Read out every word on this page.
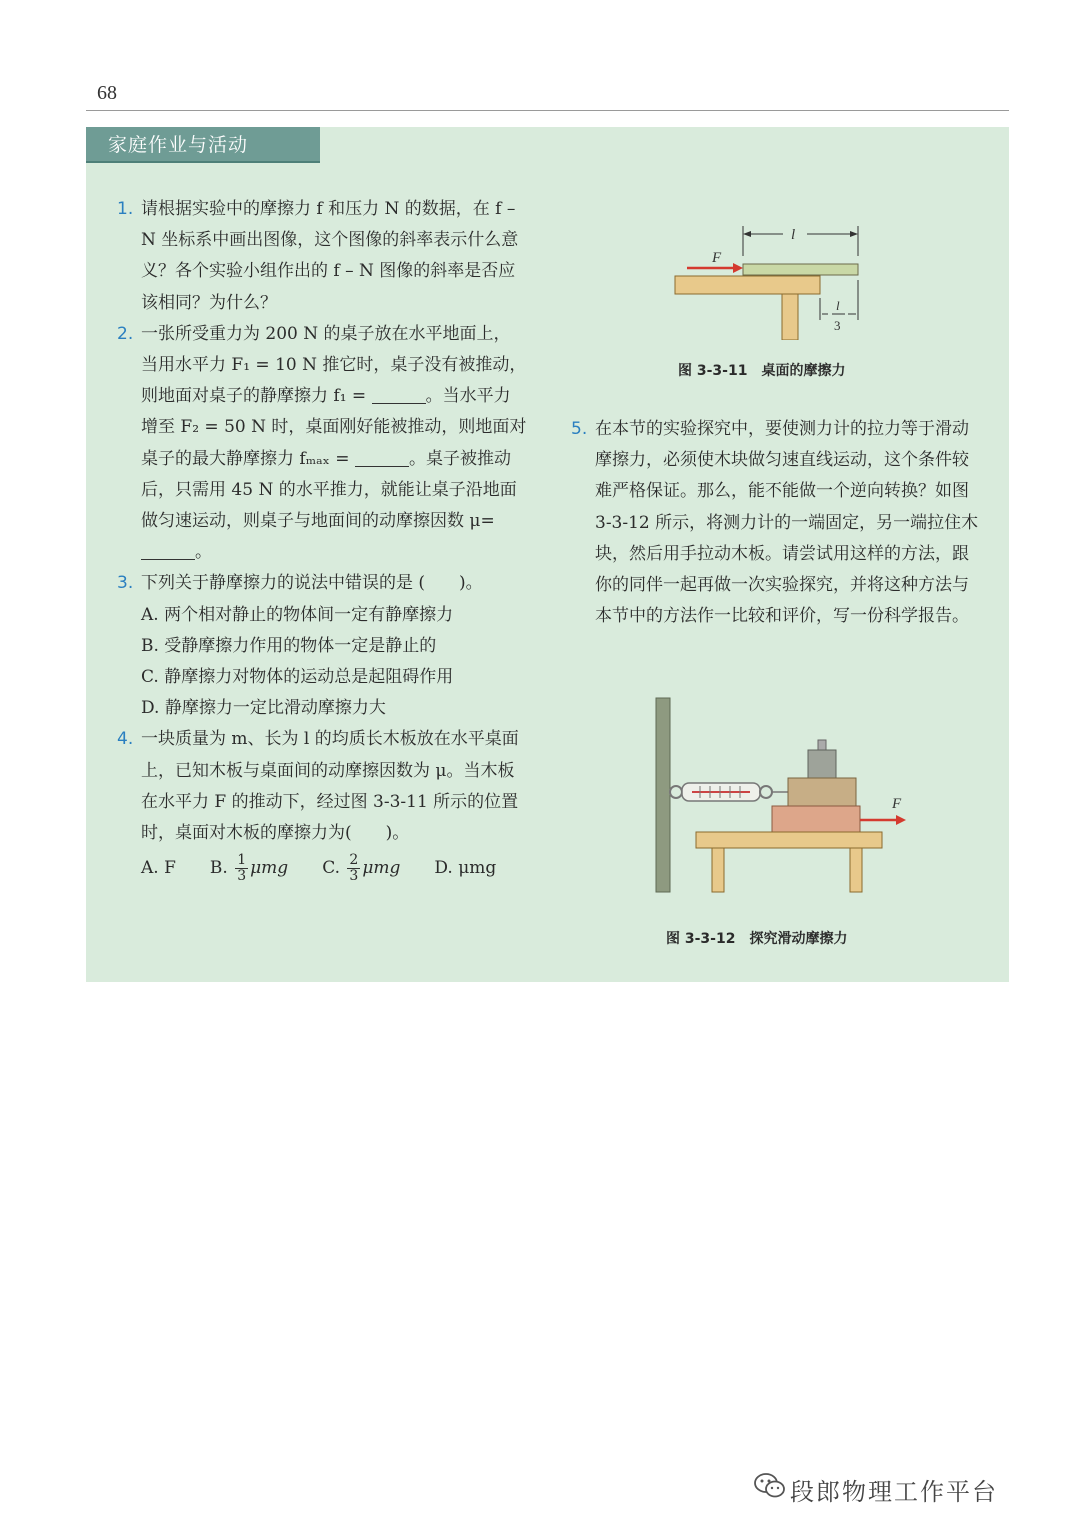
68
家庭作业与活动
1. 请根据实验中的摩擦力 f 和压力 N 的数据，在 f – N 坐标系中画出图像，这个图像的斜率表示什么意义？各个实验小组作出的 f – N 图像的斜率是否应该相同？为什么？
2. 一张所受重力为 200 N 的桌子放在水平地面上，当用水平力 F₁ = 10 N 推它时，桌子没有被推动，则地面对桌子的静摩擦力 f₁ =	。当水平力增至 F₂ = 50 N 时，桌面刚好能被推动，则地面对桌子的最大静摩擦力 fₘₐₓ =	。桌子被推动后，只需用 45 N 的水平推力，就能让桌子沿地面做匀速运动，则桌子与地面间的动摩擦因数 μ= 。
3. 下列关于静摩擦力的说法中错误的是 (　　)。
A. 两个相对静止的物体间一定有静摩擦力
B. 受静摩擦力作用的物体一定是静止的
C. 静摩擦力对物体的运动总是起阻碍作用
D. 静摩擦力一定比滑动摩擦力大
4. 一块质量为 m、长为 l 的均质长木板放在水平桌面上，已知木板与桌面间的动摩擦因数为 μ。当木板在水平力 F 的推动下，经过图 3-3-11 所示的位置时，桌面对木板的摩擦力为(　　)。
A. F B. $\frac{1}{3}$ μmg C. $\frac{2}{3}$ μmg D. μmg
l
F
l
3
图 3-3-11　桌面的摩擦力
5. 在本节的实验探究中，要使测力计的拉力等于滑动摩擦力，必须使木块做匀速直线运动，这个条件较难严格保证。那么，能不能做一个逆向转换？如图 3-3-12 所示，将测力计的一端固定，另一端拉住木块，然后用手拉动木板。请尝试用这样的方法，跟你的同伴一起再做一次实验探究，并将这种方法与本节中的方法作一比较和评价，写一份科学报告。
F
图 3-3-12　探究滑动摩擦力
段郎物理工作平台
